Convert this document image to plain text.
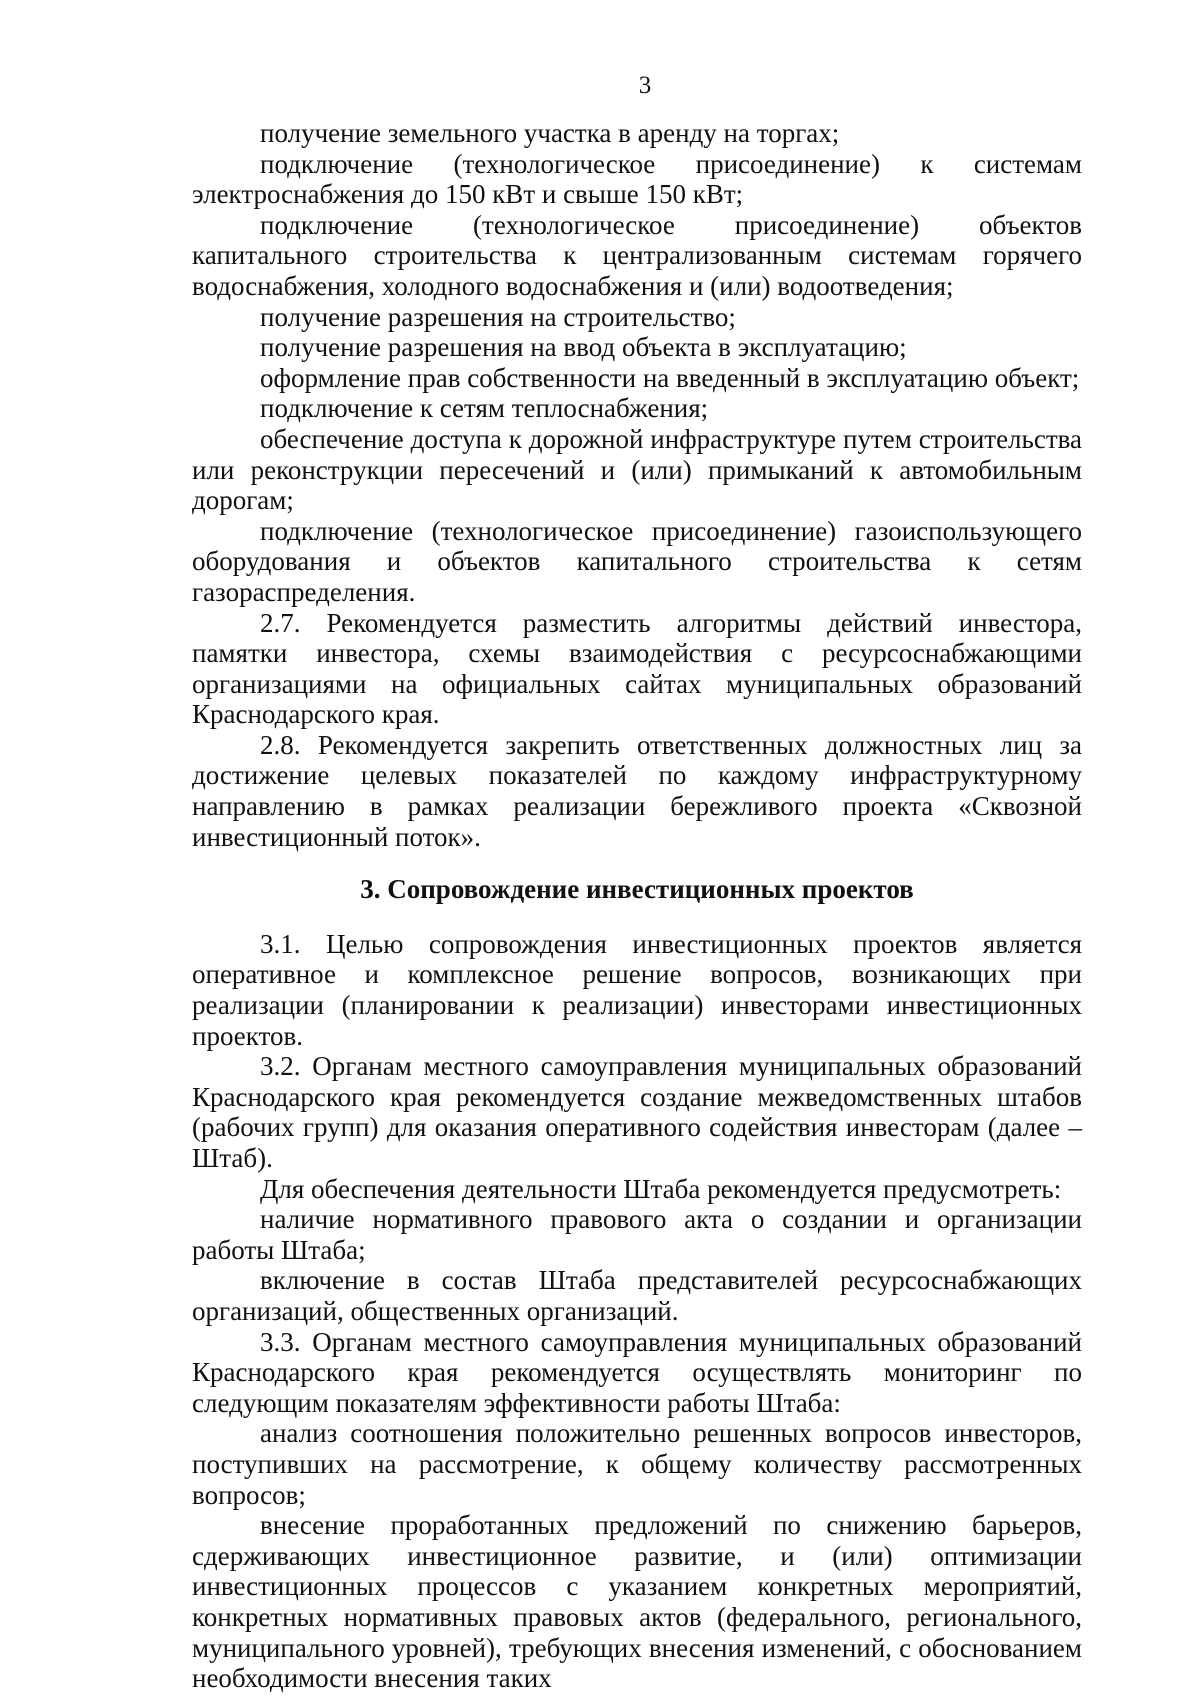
3

получение земельного участка в аренду на торгах;

подключение (технологическое присоединение) к системам электроснабжения до 150 кВт и свыше 150 кВт;

подключение (технологическое присоединение) объектов капитального строительства к централизованным системам горячего водоснабжения, холодного водоснабжения и (или) водоотведения;

получение разрешения на строительство;

получение разрешения на ввод объекта в эксплуатацию;

оформление прав собственности на введенный в эксплуатацию объект;

подключение к сетям теплоснабжения;

обеспечение доступа к дорожной инфраструктуре путем строительства или реконструкции пересечений и (или) примыканий к автомобильным дорогам;

подключение (технологическое присоединение) газоиспользующего оборудования и объектов капитального строительства к сетям газораспределения.

2.7. Рекомендуется разместить алгоритмы действий инвестора, памятки инвестора, схемы взаимодействия с ресурсоснабжающими организациями на официальных сайтах муниципальных образований Краснодарского края.

2.8. Рекомендуется закрепить ответственных должностных лиц за достижение целевых показателей по каждому инфраструктурному направлению в рамках реализации бережливого проекта «Сквозной инвестиционный поток».

3. Сопровождение инвестиционных проектов

3.1. Целью сопровождения инвестиционных проектов является оперативное и комплексное решение вопросов, возникающих при реализации (планировании к реализации) инвесторами инвестиционных проектов.

3.2. Органам местного самоуправления муниципальных образований Краснодарского края рекомендуется создание межведомственных штабов (рабочих групп) для оказания оперативного содействия инвесторам (далее – Штаб).

Для обеспечения деятельности Штаба рекомендуется предусмотреть:

наличие нормативного правового акта о создании и организации работы Штаба;

включение в состав Штаба представителей ресурсоснабжающих организаций, общественных организаций.

3.3. Органам местного самоуправления муниципальных образований Краснодарского края рекомендуется осуществлять мониторинг по следующим показателям эффективности работы Штаба:

анализ соотношения положительно решенных вопросов инвесторов, поступивших на рассмотрение, к общему количеству рассмотренных вопросов;

внесение проработанных предложений по снижению барьеров, сдерживающих инвестиционное развитие, и (или) оптимизации инвестиционных процессов с указанием конкретных мероприятий, конкретных нормативных правовых актов (федерального, регионального, муниципального уровней), требующих внесения изменений, с обоснованием необходимости внесения таких
